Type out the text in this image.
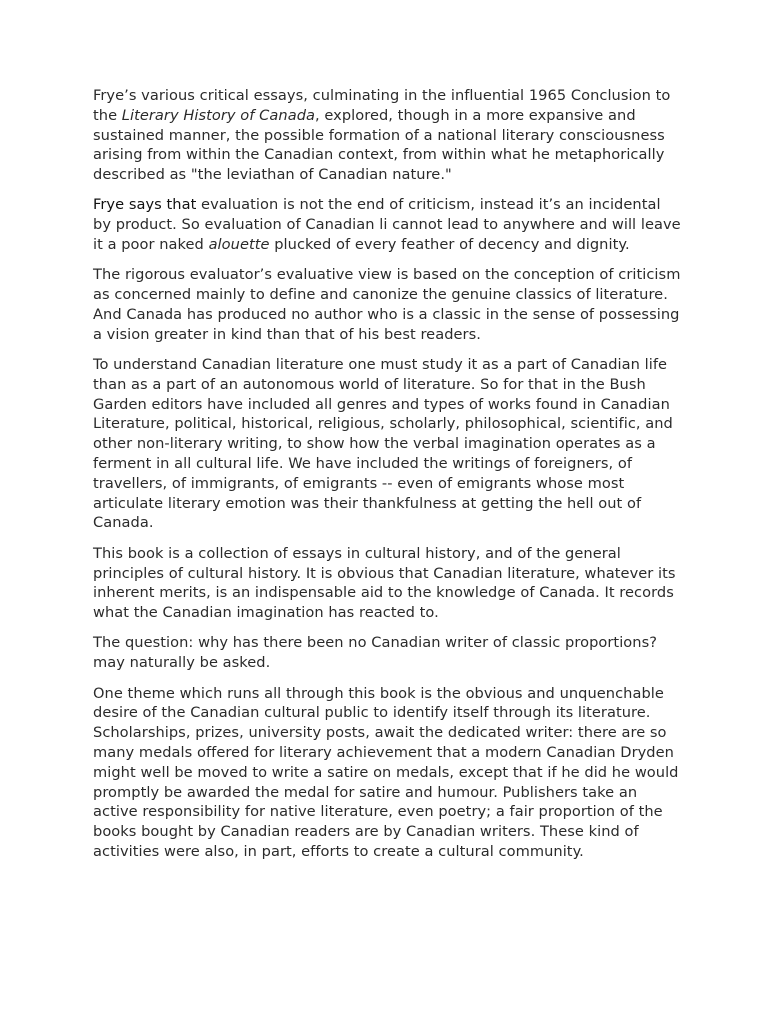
Frye’s various critical essays, culminating in the influential 1965 Conclusion to the Literary History of Canada, explored, though in a more expansive and sustained manner, the possible formation of a national literary consciousness arising from within the Canadian context, from within what he metaphorically described as "the leviathan of Canadian nature."

Frye says that evaluation is not the end of criticism, instead it’s an incidental by product. So evaluation of Canadian li cannot lead to anywhere and will leave it a poor naked alouette plucked of every feather of decency and dignity.

The rigorous evaluator’s evaluative view is based on the conception of criticism as concerned mainly to define and canonize the genuine classics of literature. And Canada has produced no author who is a classic in the sense of possessing a vision greater in kind than that of his best readers.

To understand Canadian literature one must study it as a part of Canadian life than as a part of an autonomous world of literature. So for that in the Bush Garden editors have included all genres and types of works found in Canadian Literature, political, historical, religious, scholarly, philosophical, scientific, and other non-literary writing, to show how the verbal imagination operates as a ferment in all cultural life. We have included the writings of foreigners, of travellers, of immigrants, of emigrants -- even of emigrants whose most articulate literary emotion was their thankfulness at getting the hell out of Canada.

This book is a collection of essays in cultural history, and of the general principles of cultural history. It is obvious that Canadian literature, whatever its inherent merits, is an indispensable aid to the knowledge of Canada. It records what the Canadian imagination has reacted to.

The question: why has there been no Canadian writer of classic proportions? may naturally be asked.

One theme which runs all through this book is the obvious and unquenchable desire of the Canadian cultural public to identify itself through its literature. Scholarships, prizes, university posts, await the dedicated writer: there are so many medals offered for literary achievement that a modern Canadian Dryden might well be moved to write a satire on medals, except that if he did he would promptly be awarded the medal for satire and humour. Publishers take an active responsibility for native literature, even poetry; a fair proportion of the books bought by Canadian readers are by Canadian writers. These kind of activities were also, in part, efforts to create a cultural community.
